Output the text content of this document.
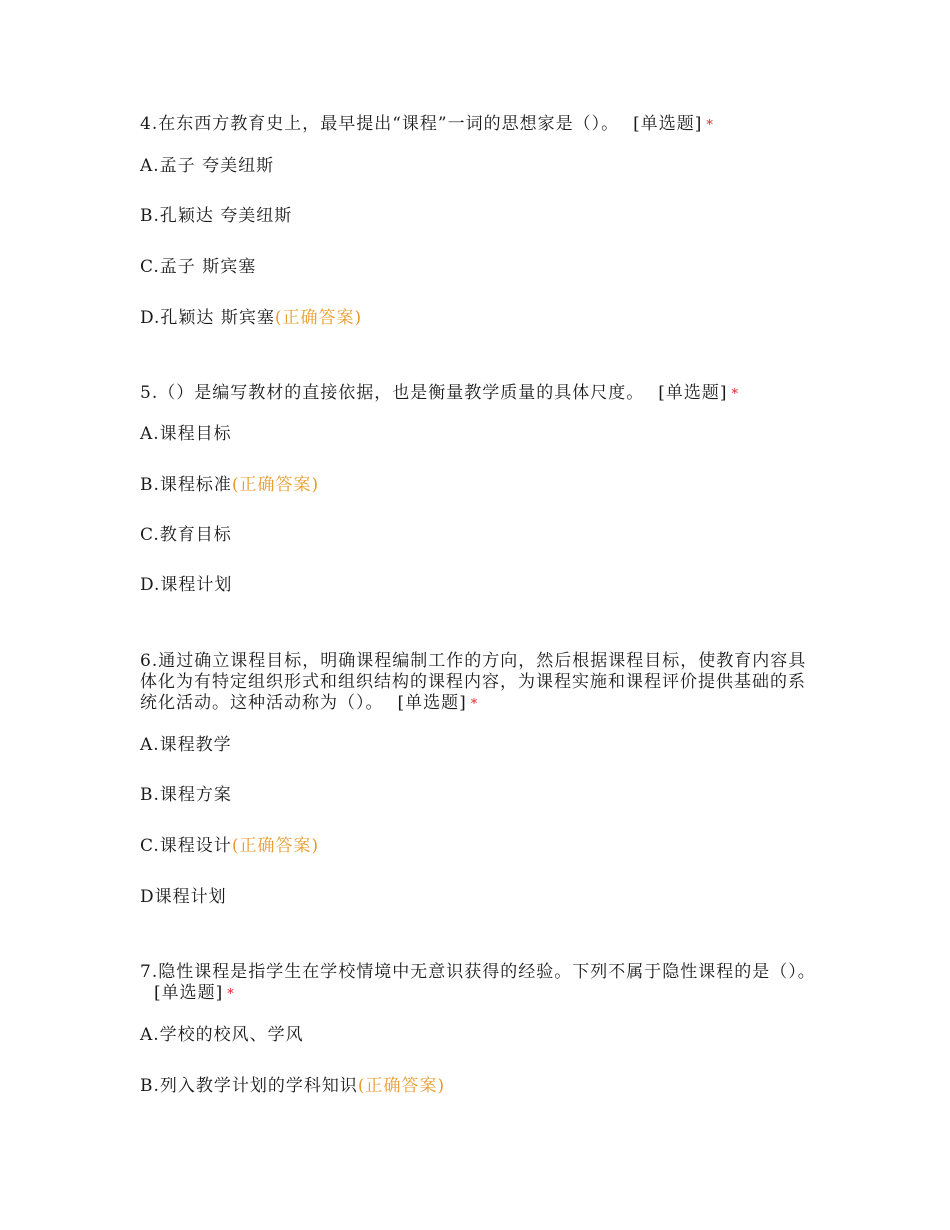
4.在东西方教育史上，最早提出“课程”一词的思想家是（）。 [单选题] *

A.孟子 夸美纽斯
B.孔颖达 夸美纽斯
C.孟子 斯宾塞
D.孔颖达 斯宾塞(正确答案)

5.（）是编写教材的直接依据，也是衡量教学质量的具体尺度。 [单选题] *

A.课程目标
B.课程标准(正确答案)
C.教育目标
D.课程计划

6.通过确立课程目标，明确课程编制工作的方向，然后根据课程目标，使教育内容具体化为有特定组织形式和组织结构的课程内容，为课程实施和课程评价提供基础的系统化活动。这种活动称为（）。 [单选题] *

A.课程教学
B.课程方案
C.课程设计(正确答案)
D课程计划

7.隐性课程是指学生在学校情境中无意识获得的经验。下列不属于隐性课程的是（）。[单选题] *

A.学校的校风、学风
B.列入教学计划的学科知识(正确答案)
